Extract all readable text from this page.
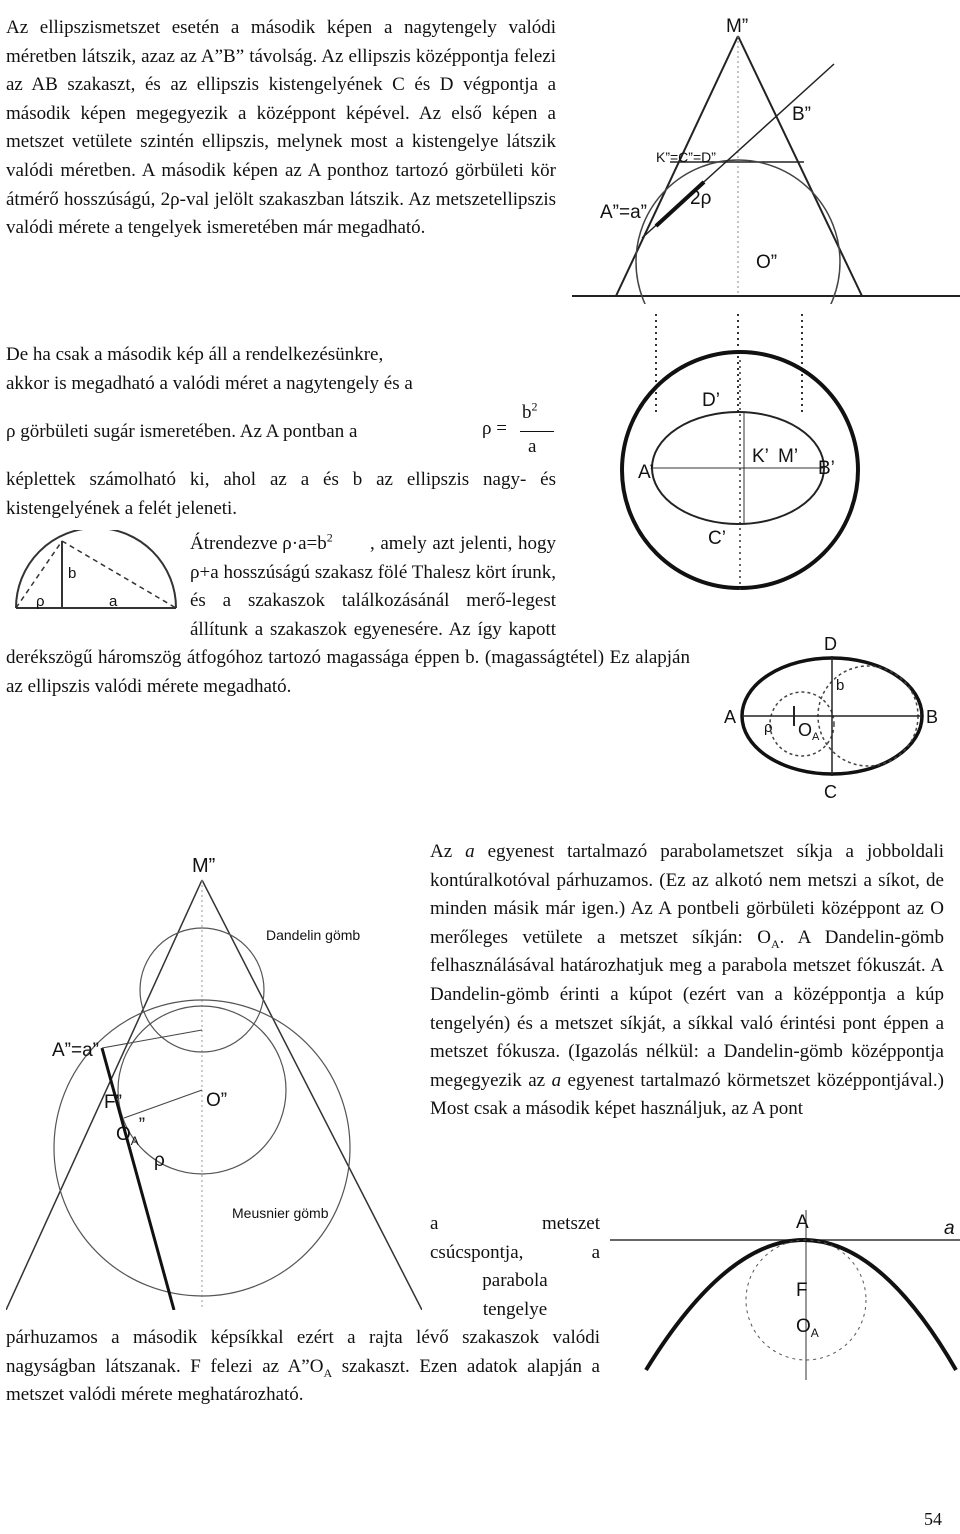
Az ellipszismetszet esetén a második képen a nagytengely valódi méretben látszik, azaz az A”B” távolság. Az ellipszis középpontja felezi az AB szakaszt, és az ellipszis kistengelyének C és D végpontja a második képen megegyezik a középpont képével. Az első képen a metszet vetülete szintén ellipszis, melynek most a kistengelye látszik valódi méretben. A második képen az A ponthoz tartozó görbületi kör átmérő hosszúságú, 2ρ-val jelölt szakaszban látszik. Az metszetellipszis valódi mérete a tengelyek ismeretében már megadható.

De ha csak a második kép áll a rendelkezésünkre,
akkor is megadható a valódi méret a nagytengely és a
ρ görbületi sugár ismeretében. Az A pontban a	ρ =
$b^2$
a

képlettek számolható ki, ahol az a és b az ellipszis nagy- és kistengelyének a felét jeleneti.

b
ρ	a

Átrendezve $\rho\cdot a=b^2$	, amely azt jelenti, hogy ρ+a hosszúságú szakasz fölé Thalesz kört írunk, és a szakaszok találkozásánál merő-legest állítunk a szakaszok egyenesére. Az így kapott derékszögű háromszög átfogóhoz tartozó magassága éppen b. (magasságtétel) Ez alapján az ellipszis valódi mérete megadható.
M”
B”
K”=C”=D”
A”=a”
2ρ
O”
D’
A’
K’ M’
B’
C’
D
b
A
ρ $O_A$
B
C
M”
Dandelin gömb
A”=a”
O”
F”
$O_A$”
ρ
Meusnier gömb

Az a egyenest tartalmazó parabolametszet síkja a jobboldali kontúralkotóval párhuzamos. (Ez az alkotó nem metszi a síkot, de minden másik már igen.) Az A pontbeli görbületi középpont az O merőleges vetülete a metszet síkján: $O_A$. A Dandelin-gömb felhasználásával határozhatjuk meg a parabola metszet fókuszát. A Dandelin-gömb érinti a kúpot (ezért van a középpontja a kúp tengelyén) és a metszet síkját, a síkkal való érintési pont éppen a metszet fókusza. (Igazolás nélkül: a Dandelin-gömb középpontja megegyezik az a egyenest tartalmazó körmetszet középpontjával.) Most csak a második képet használjuk, az A pont

a metszet
csúcspontja, a
parabola
tengelye

párhuzamos a második képsíkkal ezért a rajta lévő szakaszok valódi nagyságban látszanak. F felezi az $A”O_A$ szakaszt. Ezen adatok alapján a metszet valódi mérete meghatározható.

A	a
F
$O_A$
54
